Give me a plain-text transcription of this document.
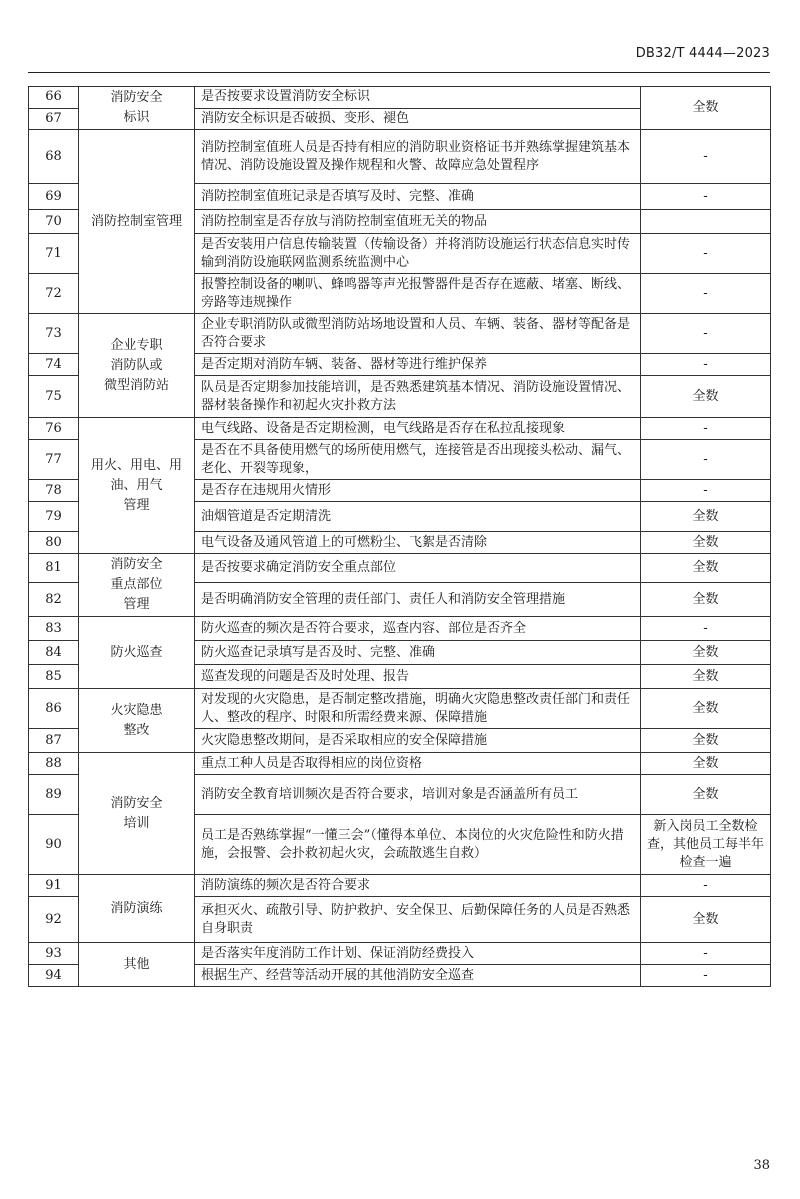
DB32/T 4444—2023
66	消防安全
标识	是否按要求设置消防安全标识	全数
67		消防安全标识是否破损、变形、褪色	
68	消防控制室管理	消防控制室值班人员是否持有相应的消防职业资格证书并熟练掌握建筑基本情况、消防设施设置及操作规程和火警、故障应急处置程序	-
69		消防控制室值班记录是否填写及时、完整、准确	-
70		消防控制室是否存放与消防控制室值班无关的物品	
71		是否安装用户信息传输装置（传输设备）并将消防设施运行状态信息实时传输到消防设施联网监测系统监测中心	-
72		报警控制设备的喇叭、蜂鸣器等声光报警器件是否存在遮蔽、堵塞、断线、旁路等违规操作	-
73	企业专职
消防队或
微型消防站	企业专职消防队或微型消防站场地设置和人员、车辆、装备、器材等配备是否符合要求	-
74		是否定期对消防车辆、装备、器材等进行维护保养	-
75		队员是否定期参加技能培训，是否熟悉建筑基本情况、消防设施设置情况、器材装备操作和初起火灾扑救方法	全数
76	用火、用电、用
油、用气
管理	电气线路、设备是否定期检测，电气线路是否存在私拉乱接现象	-
77		是否在不具备使用燃气的场所使用燃气，连接管是否出现接头松动、漏气、老化、开裂等现象，	-
78		是否存在违规用火情形	-
79		油烟管道是否定期清洗	全数
80		电气设备及通风管道上的可燃粉尘、飞絮是否清除	全数
81	消防安全
重点部位
管理	是否按要求确定消防安全重点部位	全数
82		是否明确消防安全管理的责任部门、责任人和消防安全管理措施	全数
83	防火巡查	防火巡查的频次是否符合要求，巡查内容、部位是否齐全	-
84		防火巡查记录填写是否及时、完整、准确	全数
85		巡查发现的问题是否及时处理、报告	全数
86	火灾隐患
整改	对发现的火灾隐患，是否制定整改措施，明确火灾隐患整改责任部门和责任人、整改的程序、时限和所需经费来源、保障措施	全数
87		火灾隐患整改期间，是否采取相应的安全保障措施	全数
88	消防安全
培训	重点工种人员是否取得相应的岗位资格	全数
89		消防安全教育培训频次是否符合要求，培训对象是否涵盖所有员工	全数
90		员工是否熟练掌握“一懂三会”（懂得本单位、本岗位的火灾危险性和防火措施，会报警、会扑救初起火灾，会疏散逃生自救）	新入岗员工全数检查，其他员工每半年检查一遍
91	消防演练	消防演练的频次是否符合要求	-
92		承担灭火、疏散引导、防护救护、安全保卫、后勤保障任务的人员是否熟悉自身职责	全数
93	其他	是否落实年度消防工作计划、保证消防经费投入	-
94		根据生产、经营等活动开展的其他消防安全巡查	-
38
